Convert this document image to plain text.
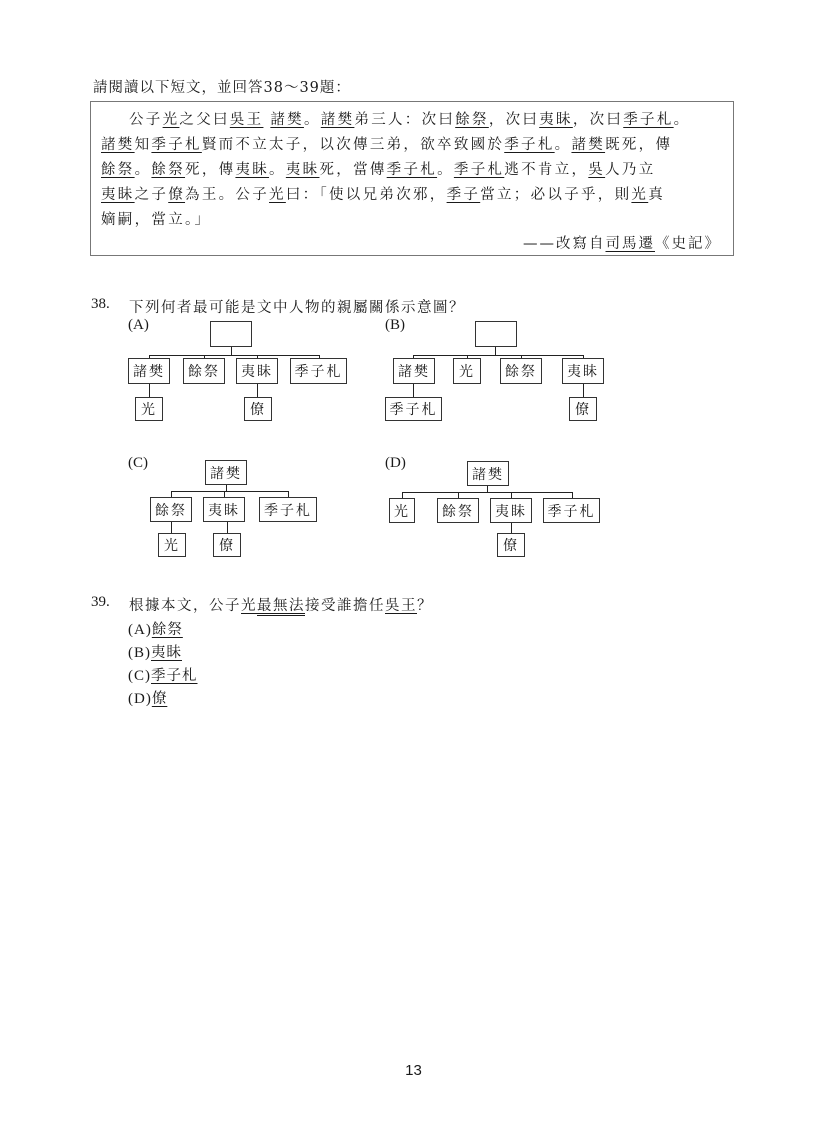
請閱讀以下短文，並回答38～39題：
公子光之父曰吳王 諸樊。諸樊弟三人：次曰餘祭，次曰夷眛，次曰季子札。
諸樊知季子札賢而不立太子，以次傳三弟，欲卒致國於季子札。諸樊既死，傳
餘祭。餘祭死，傳夷眛。夷眛死，當傳季子札。季子札逃不肯立，吳人乃立
夷眛之子僚為王。公子光曰：「使以兄弟次邪，季子當立；必以子乎，則光真
嫡嗣，當立。」
——改寫自司馬遷《史記》
38. 下列何者最可能是文中人物的親屬關係示意圖？
(A)
諸樊	餘祭	夷眛	季子札
光	僚
(B)
諸樊	光	餘祭	夷眛
季子札	僚
(C)
諸樊
餘祭	夷眛	季子札
光	僚
(D)
諸樊
光	餘祭	夷眛	季子札
僚
39. 根據本文，公子光最無法接受誰擔任吳王？
(A)餘祭
(B)夷眛
(C)季子札
(D)僚
13
